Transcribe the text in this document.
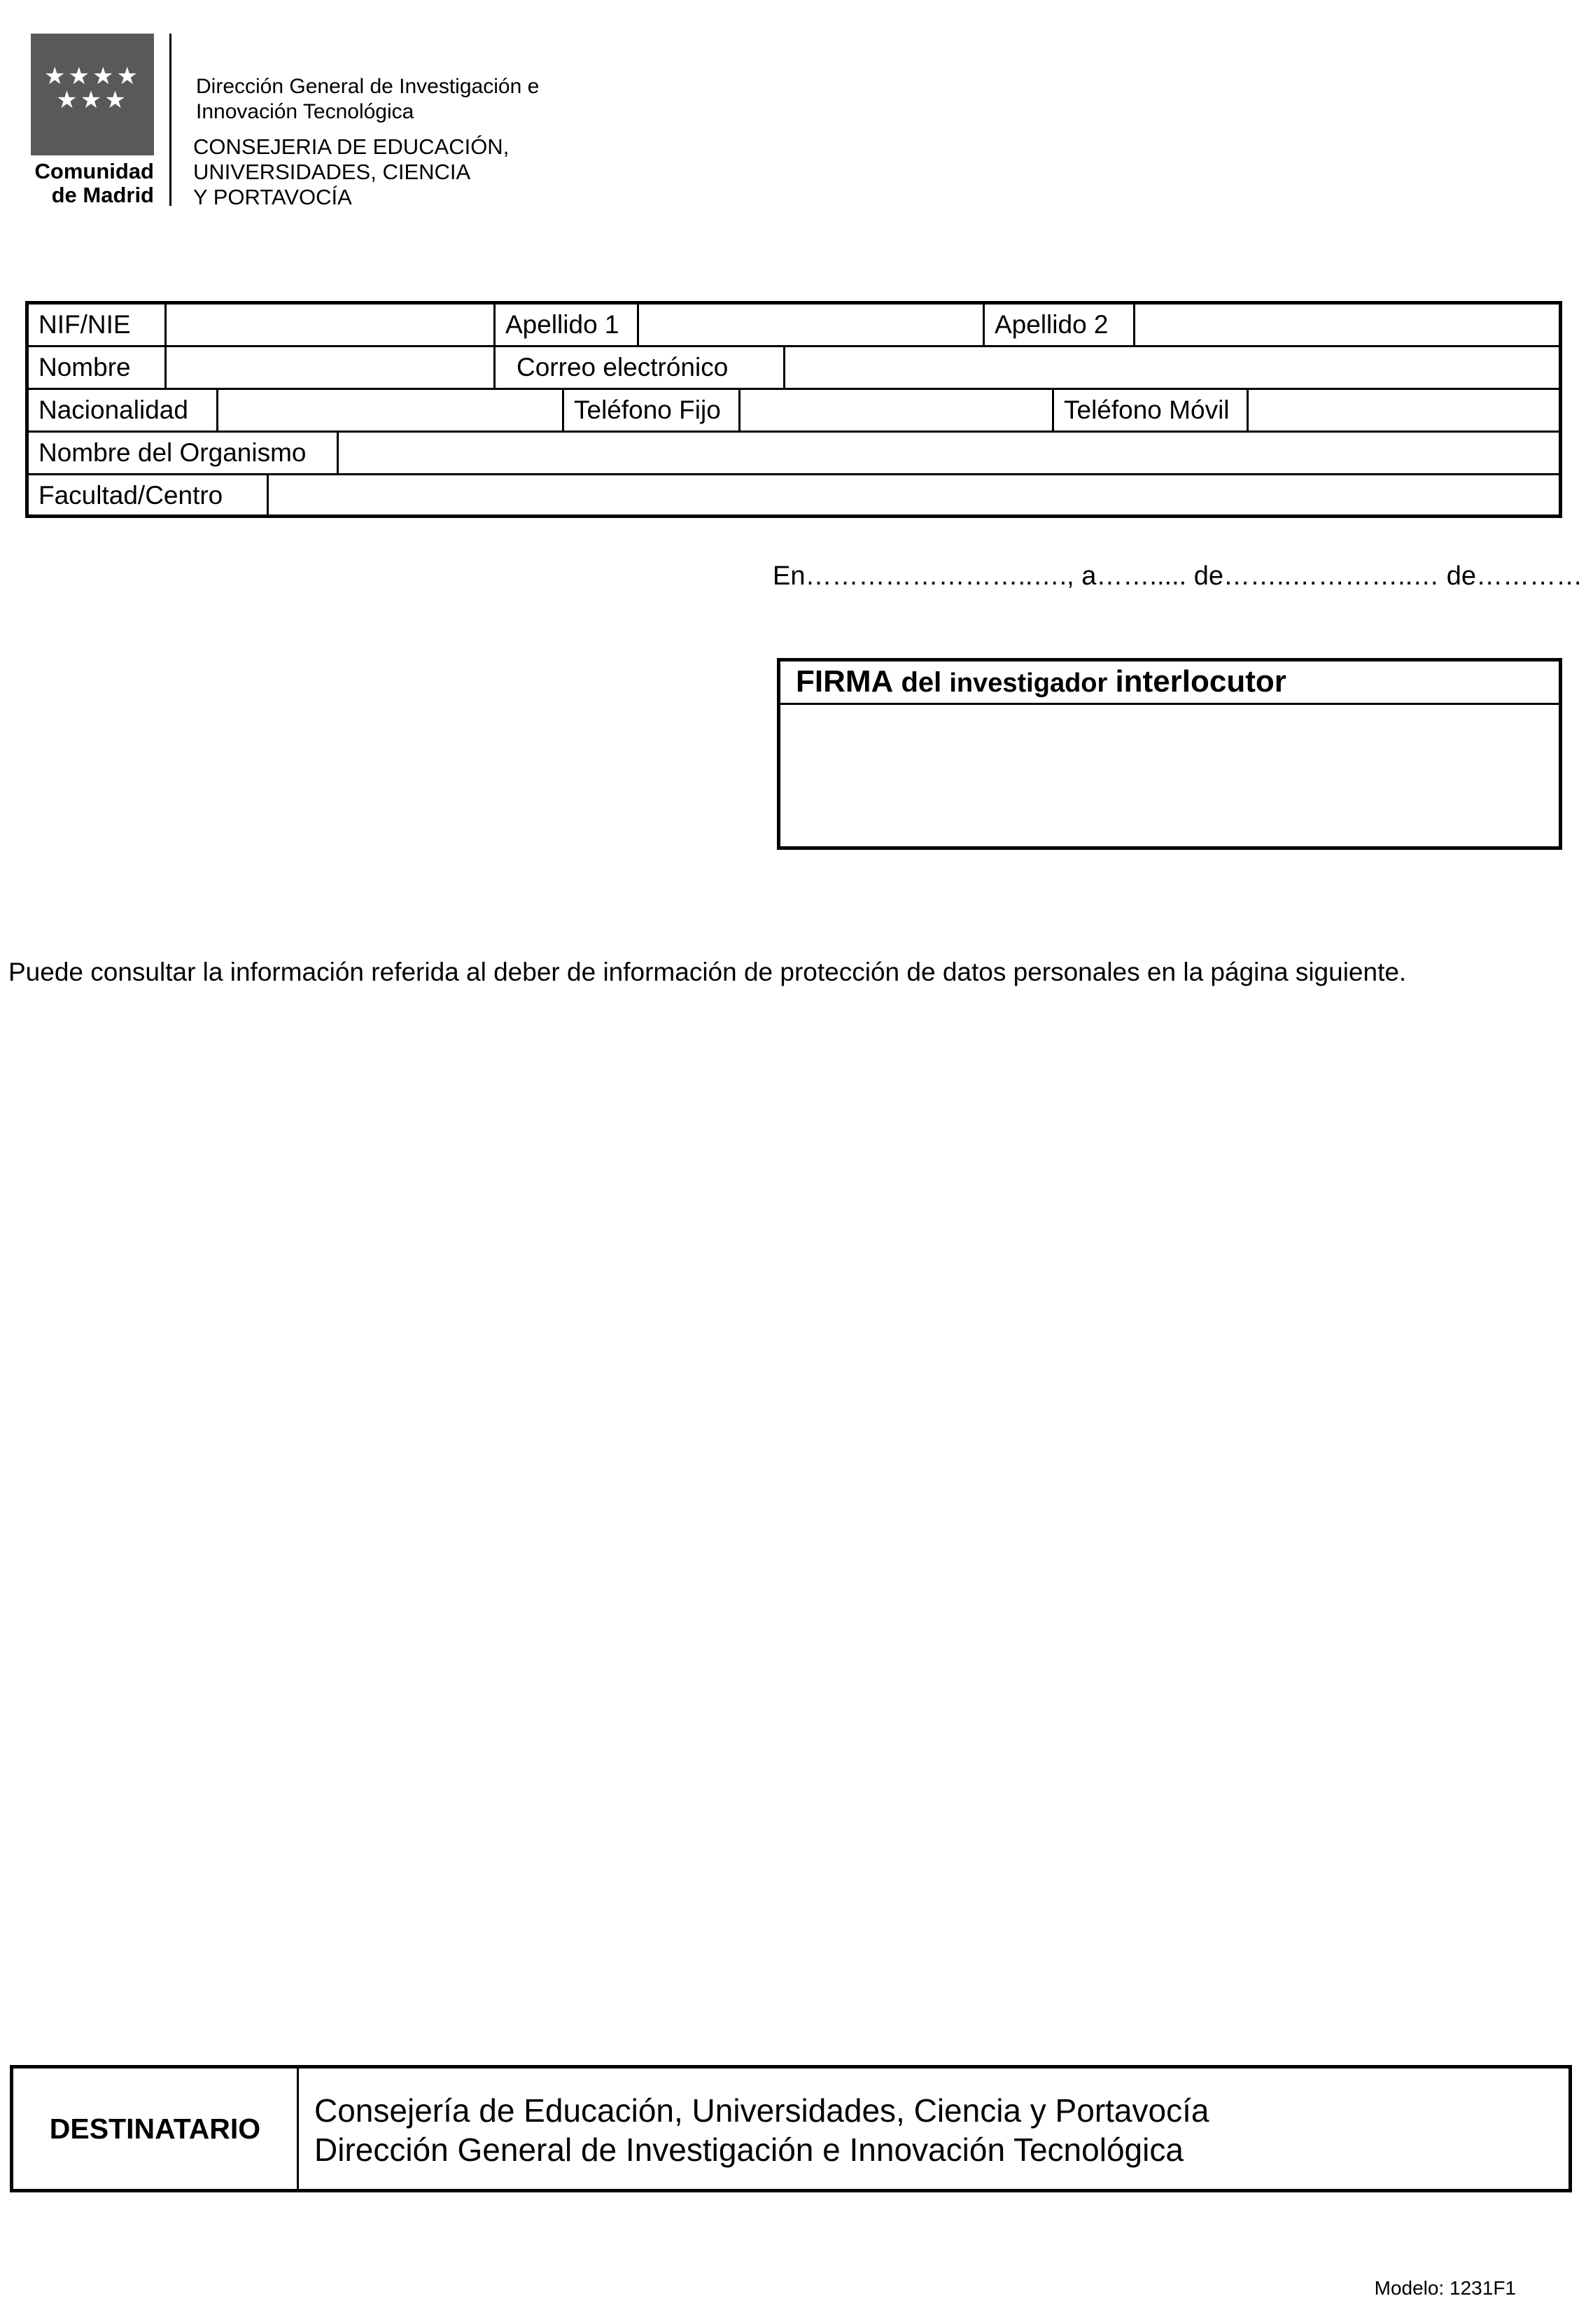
★★★★ ★★★
Comunidad
de Madrid
Dirección General de Investigación e
Innovación Tecnológica
CONSEJERIA DE EDUCACIÓN,
UNIVERSIDADES, CIENCIA
Y PORTAVOCÍA
NIF/NIE	Apellido 1	Apellido 2
Nombre	Correo electrónico
Nacionalidad	Teléfono Fijo	Teléfono Móvil
Nombre del Organismo
Facultad/Centro
En……………………..…., a……..... de……..…………..… de…………
FIRMA del investigador interlocutor
Puede consultar la información referida al deber de información de protección de datos personales en la página siguiente.
DESTINATARIO	Consejería de Educación, Universidades, Ciencia y Portavocía
Dirección General de Investigación e Innovación Tecnológica
Modelo: 1231F1
